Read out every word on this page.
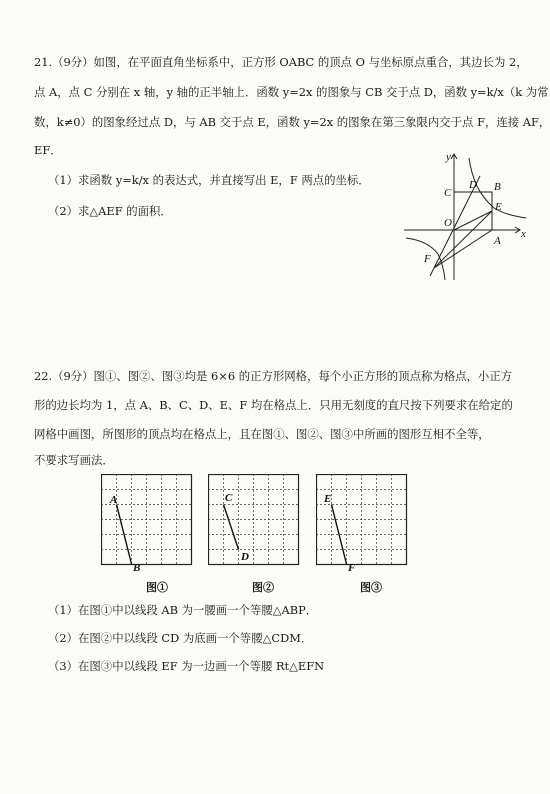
21.（9分）如图，在平面直角坐标系中，正方形 OABC 的顶点 O 与坐标原点重合，其边长为 2，
点 A，点 C 分别在 x 轴，y 轴的正半轴上．函数 y=2x 的图象与 CB 交于点 D，函数 y=k/x（k 为常
数，k≠0）的图象经过点 D，与 AB 交于点 E，函数 y=2x 的图象在第三象限内交于点 F，连接 AF，
EF．
（1）求函数 y=k/x 的表达式，并直接写出 E，F 两点的坐标．
（2）求△AEF 的面积．
y
x
C
D B
E
O
A
F
22.（9分）图①、图②、图③均是 6×6 的正方形网格，每个小正方形的顶点称为格点，小正方
形的边长均为 1，点 A、B、C、D、E、F 均在格点上．只用无刻度的直尺按下列要求在给定的
网格中画图，所图形的顶点均在格点上，且在图①、图②、图③中所画的图形互相不全等，
不要求写画法．
A
B
C
D
E
F
图①	图②	图③
（1）在图①中以线段 AB 为一腰画一个等腰△ABP．
（2）在图②中以线段 CD 为底画一个等腰△CDM．
（3）在图③中以线段 EF 为一边画一个等腰 Rt△EFN
